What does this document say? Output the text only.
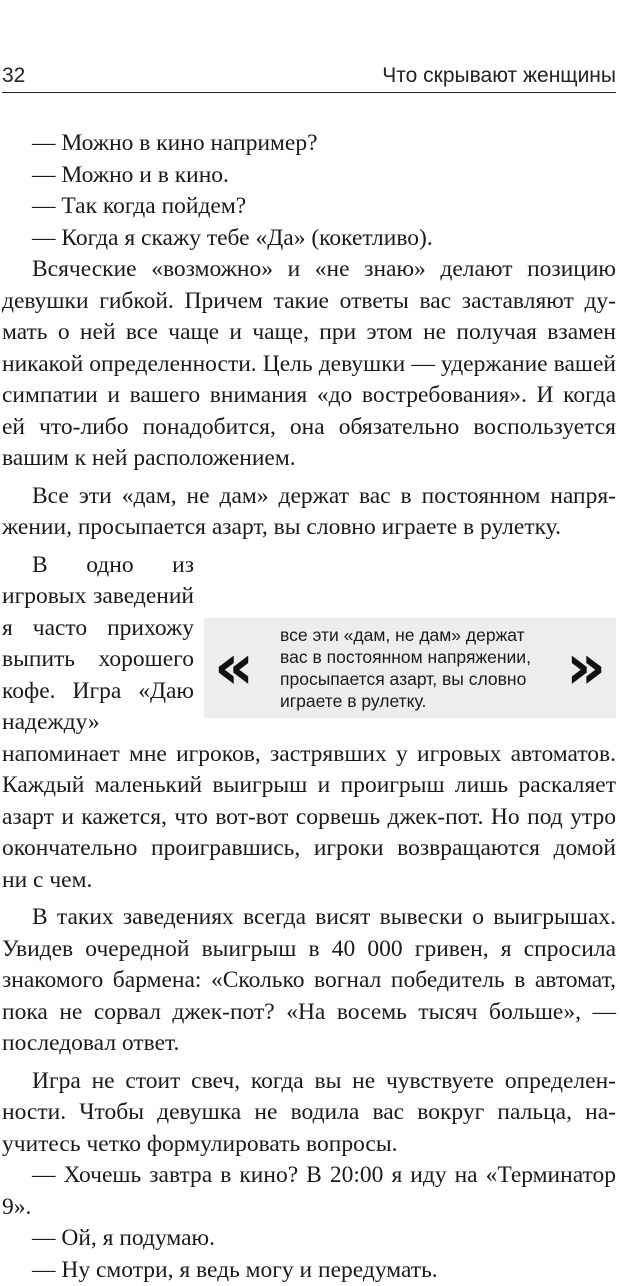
32	Что скрывают женщины

— Можно в кино например?

— Можно и в кино.

— Так когда пойдем?

— Когда я скажу тебе «Да» (кокетливо).

Всяческие «возможно» и «не знаю» делают позицию девушки гибкой. Причем такие ответы вас заставляют думать о ней все чаще и чаще, при этом не получая взамен никакой определенности. Цель девушки — удержание вашей симпатии и вашего внимания «до востребования». И когда ей что-либо понадобится, она обязательно воспользуется вашим к ней расположением.

Все эти «дам, не дам» держат вас в постоянном напряжении, просыпается азарт, вы словно играете в рулетку.

« все эти «дам, не дам» держат
вас в постоянном напряжении,
просыпается азарт, вы словно
играете в рулетку.	»

В одно из игровых заведений я часто прихожу выпить хорошего кофе. Игра «Даю надежду» напоминает мне игроков, застрявших у игровых автоматов. Каждый маленький выигрыш и проигрыш лишь раскаляет азарт и кажется, что вот-вот сорвешь джек-пот. Но под утро окончательно проигравшись, игроки возвращаются домой ни с чем.

В таких заведениях всегда висят вывески о выигрышах. Увидев очередной выигрыш в 40 000 гривен, я спросила знакомого бармена: «Сколько вогнал победитель в автомат, пока не сорвал джек-пот? «На восемь тысяч больше», — последовал ответ.

Игра не стоит свеч, когда вы не чувствуете определенности. Чтобы девушка не водила вас вокруг пальца, научитесь четко формулировать вопросы.

— Хочешь завтра в кино? В 20:00 я иду на «Терминатор 9».

— Ой, я подумаю.

— Ну смотри, я ведь могу и передумать.
